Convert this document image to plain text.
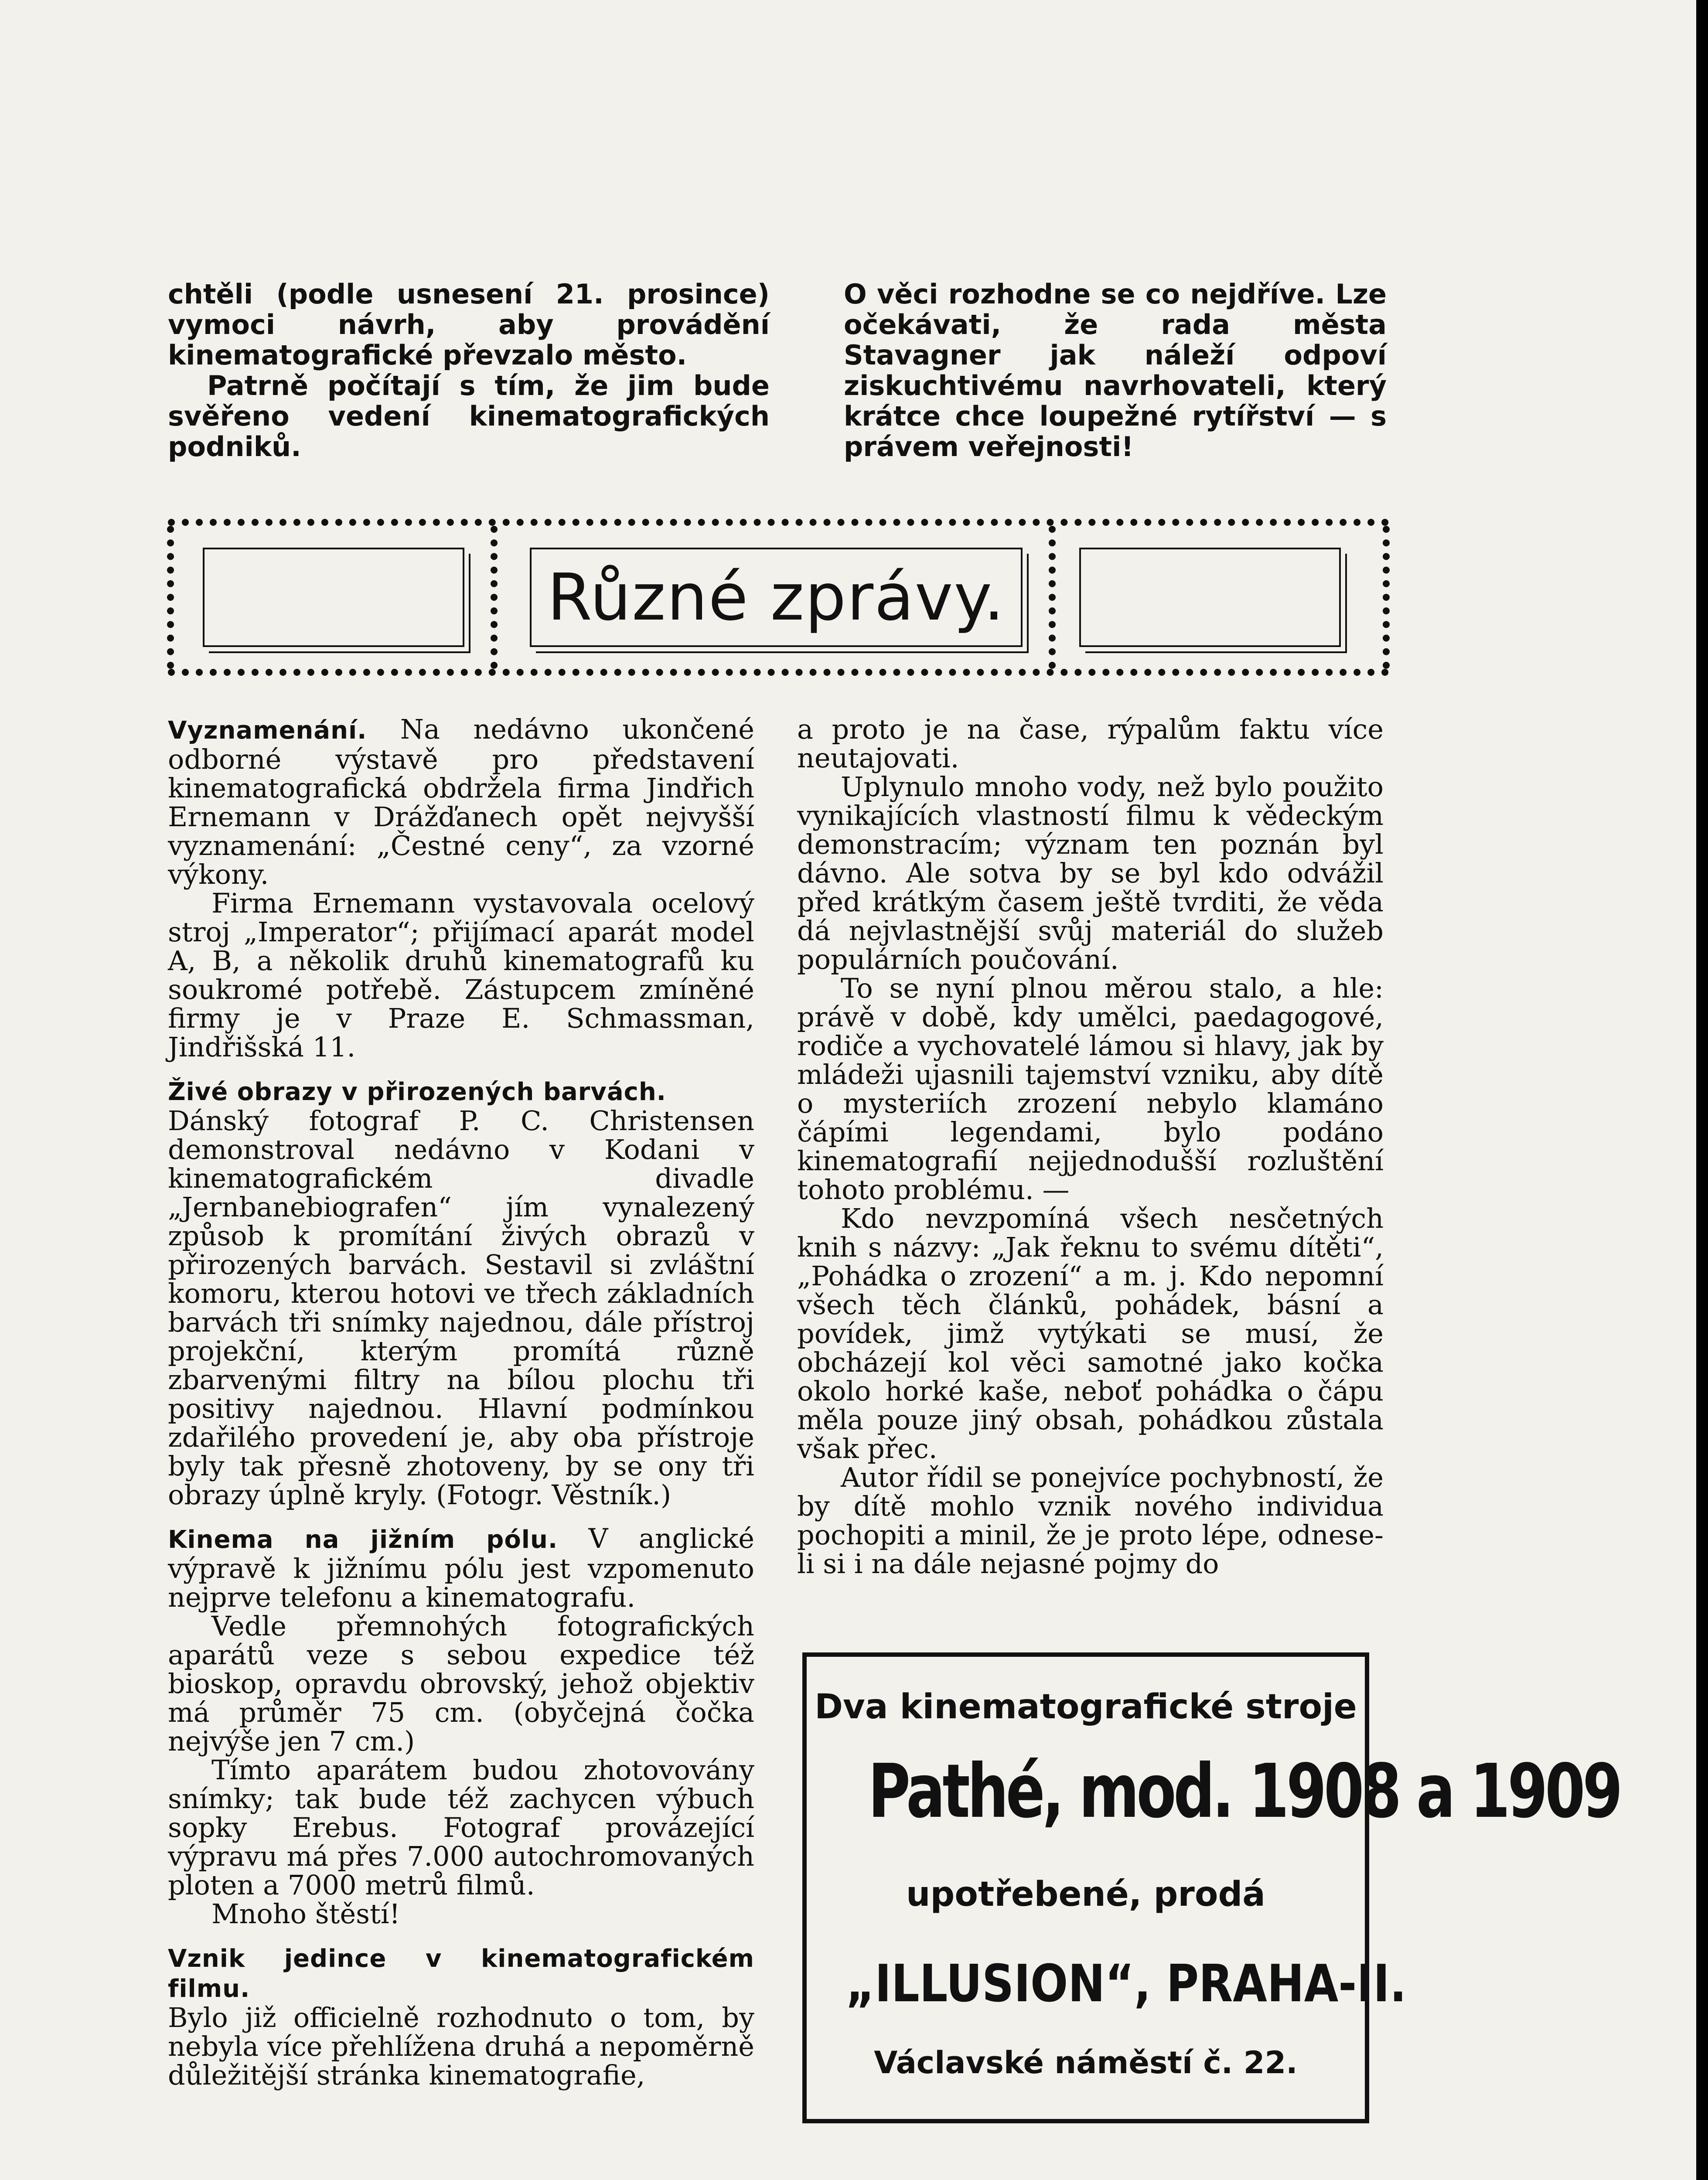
chtěli (podle usnesení 21. prosince) vymoci návrh, aby provádění kinematografické převzalo město.

Patrně počítají s tím, že jim bude svěřeno vedení kinematografických podniků.

O věci rozhodne se co nejdříve. Lze očekávati, že rada města Stavagner jak náleží odpoví ziskuchtivému navrhovateli, který krátce chce loupežné rytířství — s právem veřejnosti!

Různé zprávy.

Vyznamenání. Na nedávno ukončené odborné výstavě pro představení kinematografická obdržela firma Jindřich Ernemann v Drážďanech opět nejvyšší vyznamenání: „Čestné ceny“, za vzorné výkony.

Firma Ernemann vystavovala ocelový stroj „Imperator“; přijímací aparát model A, B, a několik druhů kinematografů ku soukromé potřebě. Zástupcem zmíněné firmy je v Praze E. Schmassman, Jindřišská 11.

Živé obrazy v přirozených barvách.

Dánský fotograf P. C. Christensen demonstroval nedávno v Kodani v kinematografickém divadle „Jernbanebiografen“ jím vynalezený způsob k promítání živých obrazů v přirozených barvách. Sestavil si zvláštní komoru, kterou hotovi ve třech základních barvách tři snímky najednou, dále přístroj projekční, kterým promítá různě zbarvenými filtry na bílou plochu tři positivy najednou. Hlavní podmínkou zdařilého provedení je, aby oba přístroje byly tak přesně zhotoveny, by se ony tři obrazy úplně kryly. (Fotogr. Věstník.)

Kinema na jižním pólu. V anglické výpravě k jižnímu pólu jest vzpomenuto nejprve telefonu a kinematografu.

Vedle přemnohých fotografických aparátů veze s sebou expedice též bioskop, opravdu obrovský, jehož objektiv má průměr 75 cm. (obyčejná čočka nejvýše jen 7 cm.)

Tímto aparátem budou zhotovovány snímky; tak bude též zachycen výbuch sopky Erebus. Fotograf provázející výpravu má přes 7.000 autochromovaných ploten a 7000 metrů filmů.

Mnoho štěstí!

Vznik jedince v kinematografickém filmu.

Bylo již officielně rozhodnuto o tom, by nebyla více přehlížena druhá a nepoměrně důležitější stránka kinematografie,

a proto je na čase, rýpalům faktu více neutajovati.

Uplynulo mnoho vody, než bylo použito vynikajících vlastností filmu k vědeckým demonstracím; význam ten poznán byl dávno. Ale sotva by se byl kdo odvážil před krátkým časem ještě tvrditi, že věda dá nejvlastnější svůj materiál do služeb populárních poučování.

To se nyní plnou měrou stalo, a hle: právě v době, kdy umělci, paedagogové, rodiče a vychovatelé lámou si hlavy, jak by mládeži ujasnili tajemství vzniku, aby dítě o mysteriích zrození nebylo klamáno čápími legendami, bylo podáno kinematografií nejjednodušší rozluštění tohoto problému. —

Kdo nevzpomíná všech nesčetných knih s názvy: „Jak řeknu to svému dítěti“, „Pohádka o zrození“ a m. j. Kdo nepomní všech těch článků, pohádek, básní a povídek, jimž vytýkati se musí, že obcházejí kol věci samotné jako kočka okolo horké kaše, neboť pohádka o čápu měla pouze jiný obsah, pohádkou zůstala však přec.

Autor řídil se ponejvíce pochybností, že by dítě mohlo vznik nového individua pochopiti a minil, že je proto lépe, odnese-li si i na dále nejasné pojmy do

Dva kinematografické stroje
Pathé, mod. 1908 a 1909
upotřebené, prodá
„ILLUSION“, PRAHA-II.
Václavské náměstí č. 22.
